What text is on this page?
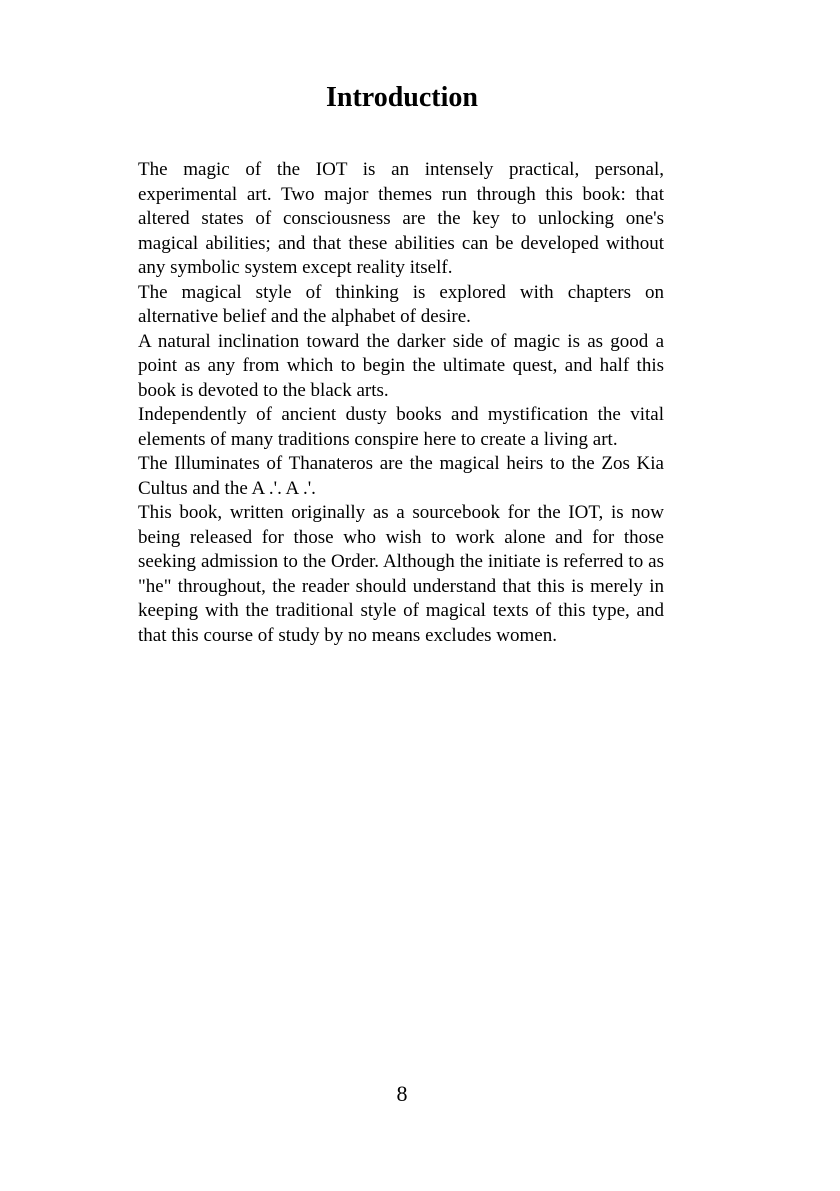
Introduction

The magic of the IOT is an intensely practical, personal, experimental art. Two major themes run through this book: that altered states of consciousness are the key to unlocking one's magical abilities; and that these abilities can be developed without any symbolic system except reality itself.

The magical style of thinking is explored with chapters on alternative belief and the alphabet of desire.

A natural inclination toward the darker side of magic is as good a point as any from which to begin the ultimate quest, and half this book is devoted to the black arts.

Independently of ancient dusty books and mystification the vital elements of many traditions conspire here to create a living art.

The Illuminates of Thanateros are the magical heirs to the Zos Kia Cultus and the A .'. A .'.

This book, written originally as a sourcebook for the IOT, is now being released for those who wish to work alone and for those seeking admission to the Order. Although the initiate is referred to as "he" throughout, the reader should understand that this is merely in keeping with the traditional style of magical texts of this type, and that this course of study by no means excludes women.

8
